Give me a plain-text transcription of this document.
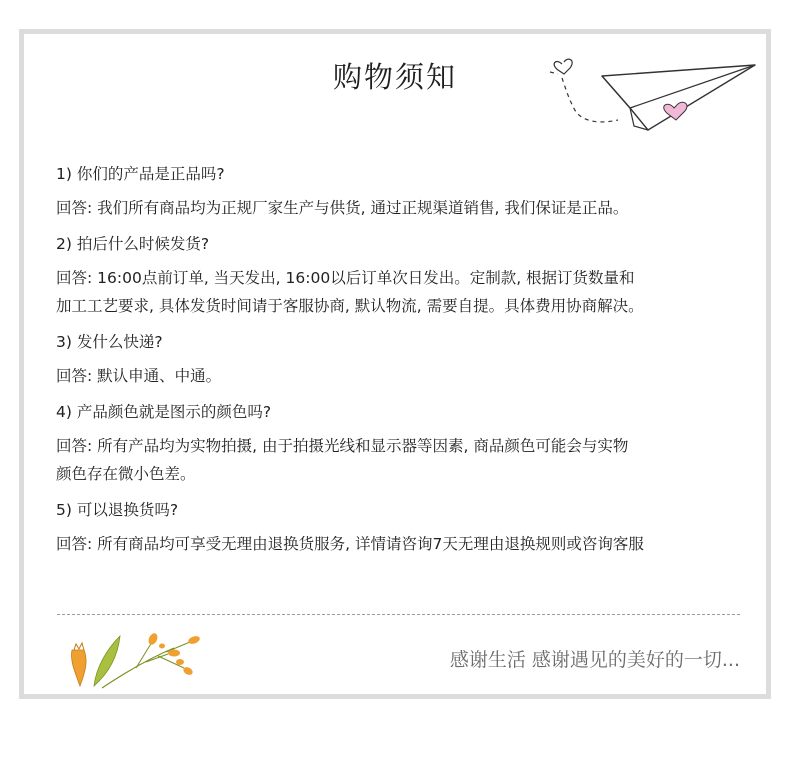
购物须知

1) 你们的产品是正品吗?

回答: 我们所有商品均为正规厂家生产与供货, 通过正规渠道销售, 我们保证是正品。

2) 拍后什么时候发货?

回答: 16:00点前订单, 当天发出, 16:00以后订单次日发出。定制款, 根据订货数量和

加工工艺要求, 具体发货时间请于客服协商, 默认物流, 需要自提。具体费用协商解决。

3) 发什么快递?

回答: 默认申通、中通。

4) 产品颜色就是图示的颜色吗?

回答: 所有产品均为实物拍摄, 由于拍摄光线和显示器等因素, 商品颜色可能会与实物

颜色存在微小色差。

5) 可以退换货吗?

回答: 所有商品均可享受无理由退换货服务, 详情请咨询7天无理由退换规则或咨询客服

感谢生活 感谢遇见的美好的一切...
